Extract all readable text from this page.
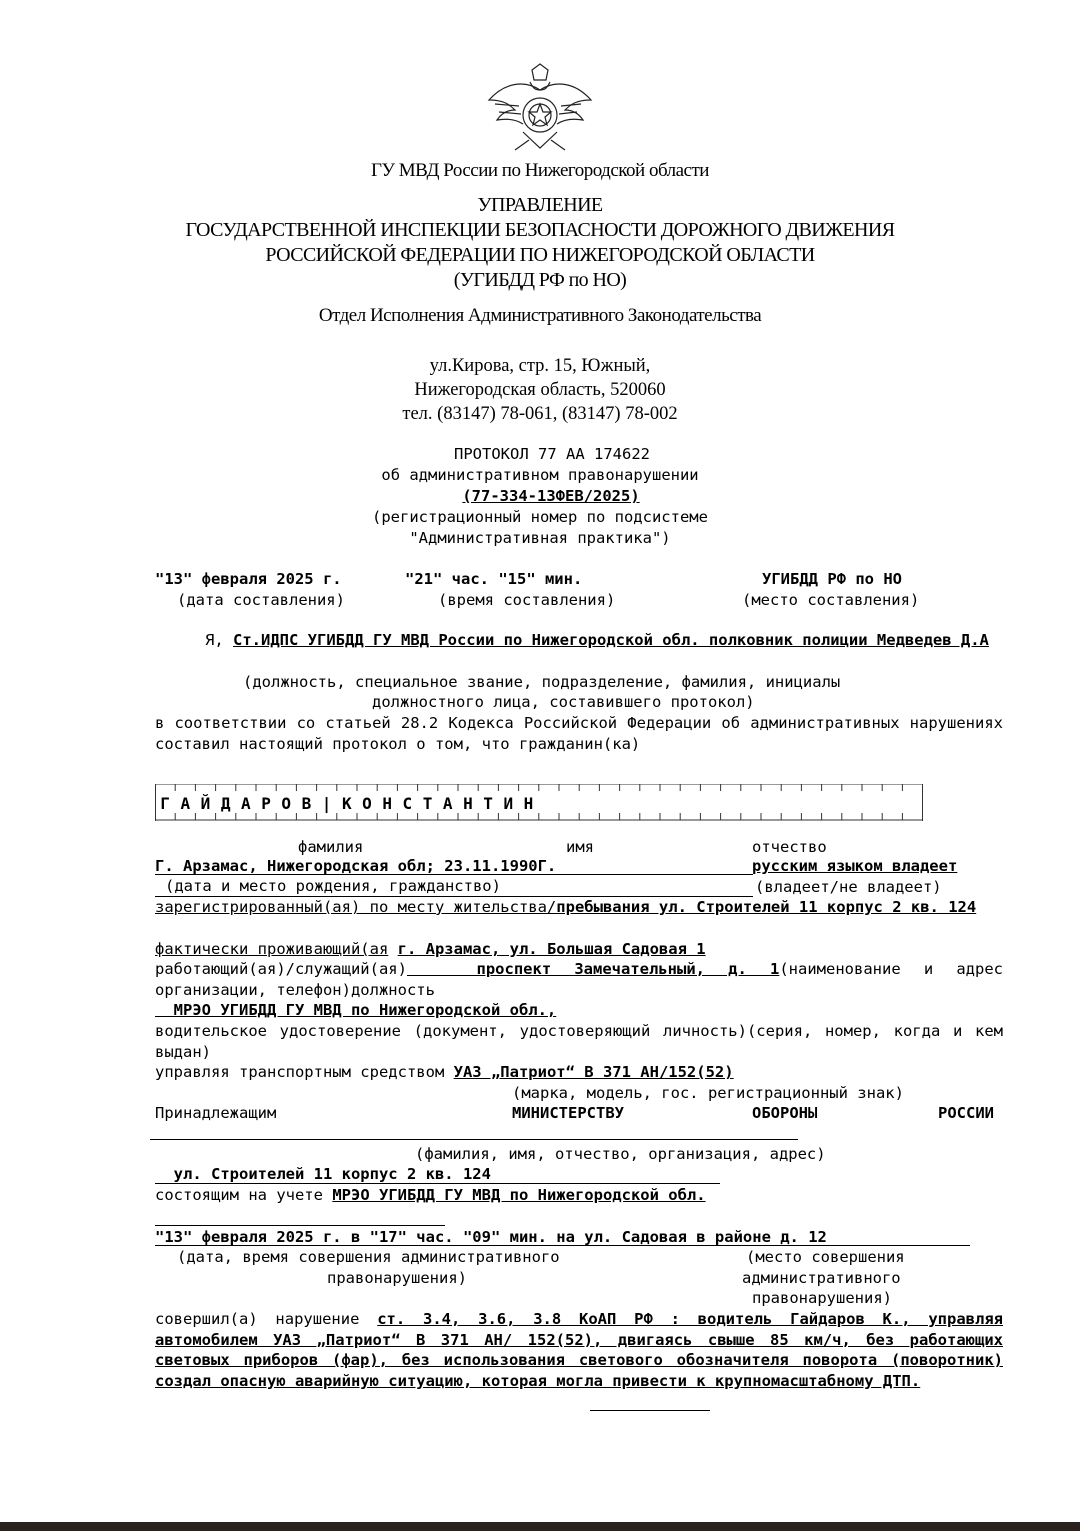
ГУ МВД России по Нижегородской области
УПРАВЛЕНИЕ
ГОСУДАРСТВЕННОЙ ИНСПЕКЦИИ БЕЗОПАСНОСТИ ДОРОЖНОГО ДВИЖЕНИЯ
РОССИЙСКОЙ ФЕДЕРАЦИИ ПО НИЖЕГОРОДСКОЙ ОБЛАСТИ
(УГИБДД РФ по НО)
Отдел Исполнения Административного Законодательства
ул.Кирова, стр. 15, Южный,
Нижегородская область, 520060
тел. (83147) 78-061, (83147) 78-002
ПРОТОКОЛ 77 АА 174622
об административном правонарушении
(77-334-13ФЕВ/2025)
(регистрационный номер по подсистеме
"Административная практика")
"13" февраля 2025 г.	"21" час. "15" мин.	УГИБДД РФ по НО
(дата составления)	(время составления)	(место составления)
Я, Ст.ИДПС УГИБДД ГУ МВД России по Нижегородской обл. полковник полиции Медведев Д.А
(должность, специальное звание, подразделение, фамилия, инициалы
должностного лица, составившего протокол)
в соответствии со статьей 28.2 Кодекса Российской Федерации об административных нарушениях составил настоящий протокол о том, что гражданин(ка)
Г А Й Д А Р О В | К О Н С Т А Н Т И Н
фамилия	имя	отчество
Г. Арзамас, Нижегородская обл; 23.11.1990Г.	русским языком владеет
(дата и место рождения, гражданство)	(владеет/не владеет)
зарегистрированный(ая) по месту жительства/пребывания ул. Строителей 11 корпус 2 кв. 124
фактически проживающий(ая г. Арзамас, ул. Большая Садовая 1
работающий(ая)/служащий(ая)   проспект Замечательный, д. 1(наименование и адрес организации, телефон)должность
МРЭО УГИБДД ГУ МВД по Нижегородской обл.,
водительское удостоверение (документ, удостоверяющий личность)(серия, номер, когда и кем выдан)
управляя транспортным средством УАЗ „Патриот“ В 371 АН/152(52)
(марка, модель, гос. регистрационный знак)
Принадлежащим	МИНИСТЕРСТВУ	ОБОРОНЫ	РОССИИ
(фамилия, имя, отчество, организация, адрес)
ул. Строителей 11 корпус 2 кв. 124
состоящим на учете МРЭО УГИБДД ГУ МВД по Нижегородской обл.
"13" февраля 2025 г. в "17" час. "09" мин. на ул. Садовая в районе д. 12
(дата, время совершения административного
правонарушения)
(место совершения
административного
правонарушения)
совершил(а) нарушение ст. 3.4, 3.6, 3.8 КоАП РФ : водитель Гайдаров К., управляя автомобилем УАЗ „Патриот“ В 371 АН/ 152(52), двигаясь свыше 85 км/ч, без работающих световых приборов (фар), без использования светового обозначителя поворота (поворотник) создал опасную аварийную ситуацию, которая могла привести к крупномасштабному ДТП.
